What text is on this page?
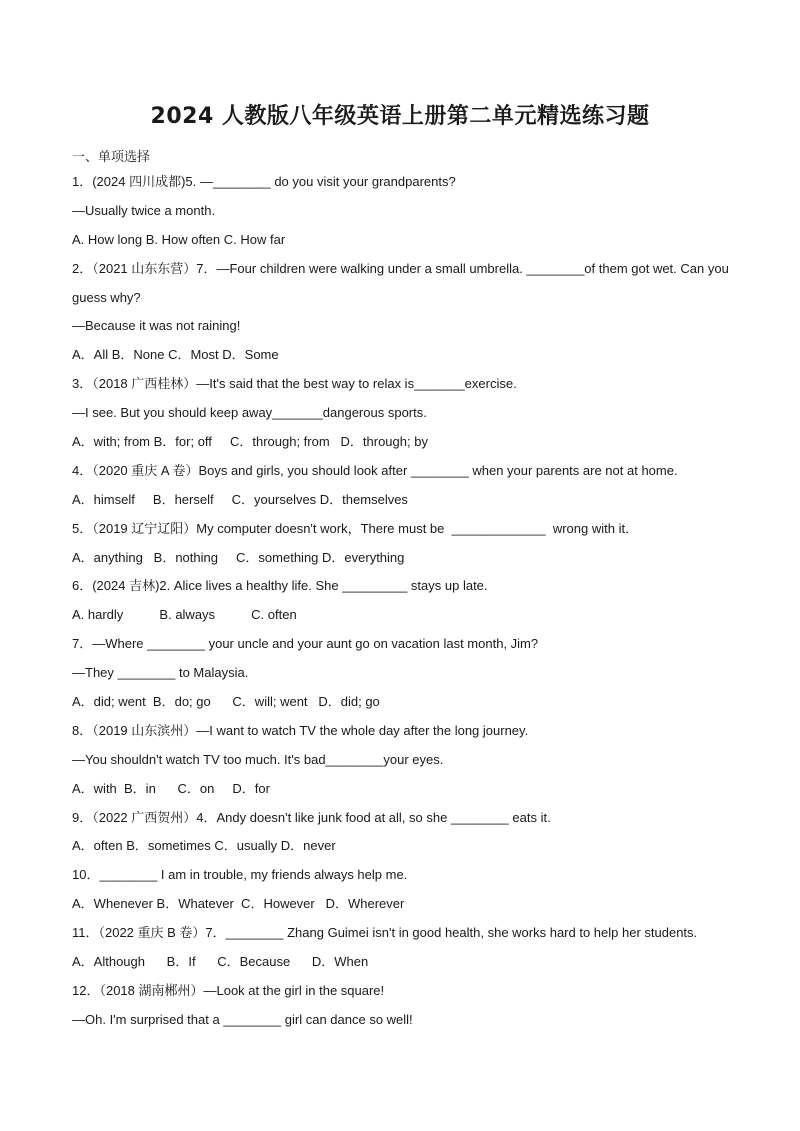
2024 人教版八年级英语上册第二单元精选练习题
一、单项选择
1．(2024 四川成都)5. —________ do you visit your grandparents?
—Usually twice a month.
A. How long B. How often C. How far
2．（2021 山东东营）7．—Four children were walking under a small umbrella. ________of them got wet. Can you
guess why?
—Because it was not raining!
A．All B．None C．Most D．Some
3．（2018 广西桂林）—It's said that the best way to relax is_______exercise.
—I see. But you should keep away_______dangerous sports.
A．with; from B．for; off     C．through; from   D．through; by
4．（2020 重庆 A 卷）Boys and girls, you should look after ________ when your parents are not at home.
A．himself     B．herself     C．yourselves D．themselves
5．（2019 辽宁辽阳）My computer doesn't work，There must be  _____________  wrong with it．
A．anything   B．nothing     C．something D．everything
6．(2024 吉林)2. Alice lives a healthy life. She _________ stays up late.
A. hardly          B. always          C. often
7．—Where ________ your uncle and your aunt go on vacation last month, Jim?
—They ________ to Malaysia.
A．did; went  B．do; go      C．will; went   D．did; go
8．（2019 山东滨州）—I want to watch TV the whole day after the long journey.
—You shouldn't watch TV too much. It's bad________your eyes.
A．with  B．in      C．on     D．for
9．（2022 广西贺州）4．Andy doesn't like junk food at all, so she ________ eats it.
A．often B．sometimes C．usually D．never
10．________ I am in trouble, my friends always help me.
A．Whenever B．Whatever  C．However   D．Wherever
11．（2022 重庆 B 卷）7．________ Zhang Guimei isn't in good health, she works hard to help her students.
A．Although      B．If      C．Because      D．When
12．（2018 湖南郴州）—Look at the girl in the square!
—Oh. I'm surprised that a ________ girl can dance so well!
